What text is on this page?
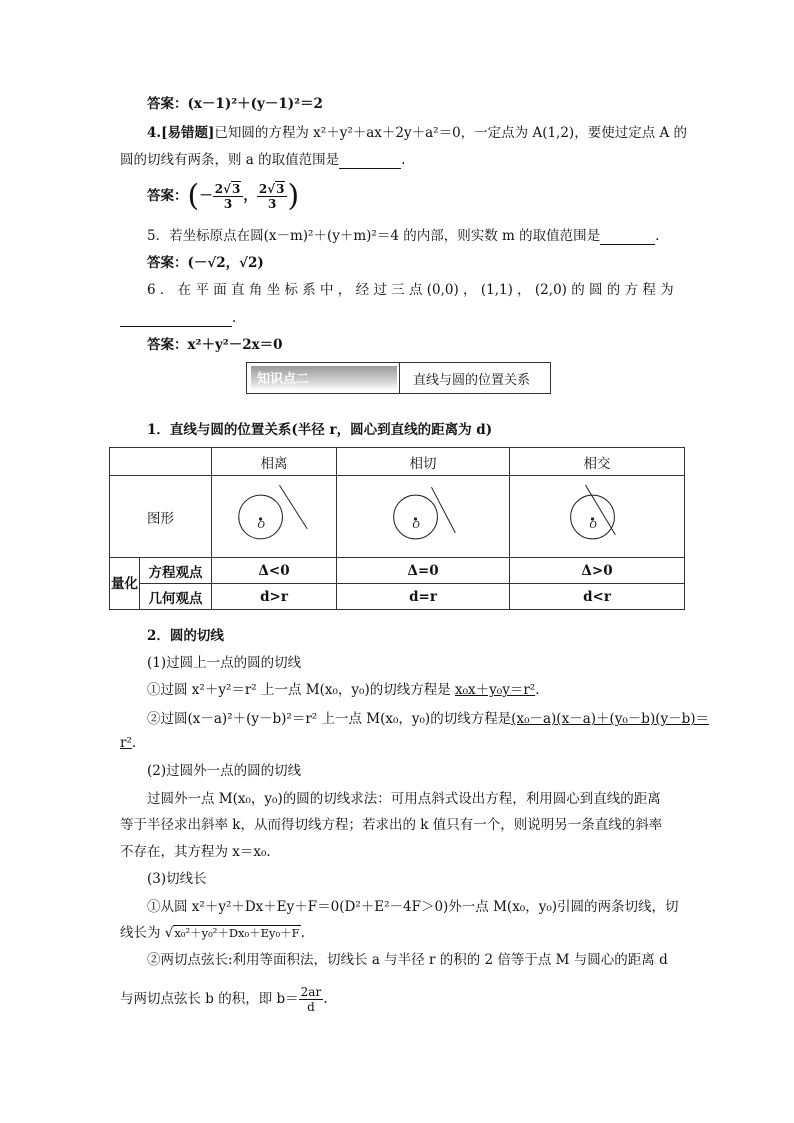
答案：(x－1)²＋(y－1)²＝2
4.[易错题]已知圆的方程为 x²＋y²＋ax＋2y＋a²＝0，一定点为 A(1,2)，要使过定点 A 的
圆的切线有两条，则 a 的取值范围是	.
答案：(－ $\frac{2√3}{3}$ ， $\frac{2√3}{3}$ )
5．若坐标原点在圆(x－m)²＋(y＋m)²＝4 的内部，则实数 m 的取值范围是	.
答案：(－√2，√2)
6 ． 在 平 面 直 角 坐 标 系 中 ， 经 过 三 点 (0,0) ， (1,1) ， (2,0) 的 圆 的 方 程 为
.
答案：x²＋y²－2x＝0
知识点二	直线与圆的位置关系
1．直线与圆的位置关系(半径 r，圆心到直线的距离为 d)
		相离	相切	相交
图形		O	O	O

量化	方程观点	Δ<0	Δ=0	Δ>0
	几何观点	d>r	d=r	d<r
2．圆的切线
(1)过圆上一点的圆的切线
①过圆 x²＋y²＝r² 上一点 M(x₀，y₀)的切线方程是 x₀x＋y₀y＝r².
②过圆(x－a)²＋(y－b)²＝r² 上一点 M(x₀，y₀)的切线方程是(x₀－a)(x－a)＋(y₀－b)(y－b)＝
r².
(2)过圆外一点的圆的切线
过圆外一点 M(x₀，y₀)的圆的切线求法：可用点斜式设出方程，利用圆心到直线的距离
等于半径求出斜率 k，从而得切线方程；若求出的 k 值只有一个，则说明另一条直线的斜率
不存在，其方程为 x＝x₀.
(3)切线长
①从圆 x²＋y²＋Dx＋Ey＋F＝0(D²＋E²－4F＞0)外一点 M(x₀，y₀)引圆的两条切线，切
线长为 √x₀²＋y₀²＋Dx₀＋Ey₀＋F.
②两切点弦长:利用等面积法，切线长 a 与半径 r 的积的 2 倍等于点 M 与圆心的距离 d
与两切点弦长 b 的积，即 $b= \frac{2ar}{d}$ .
